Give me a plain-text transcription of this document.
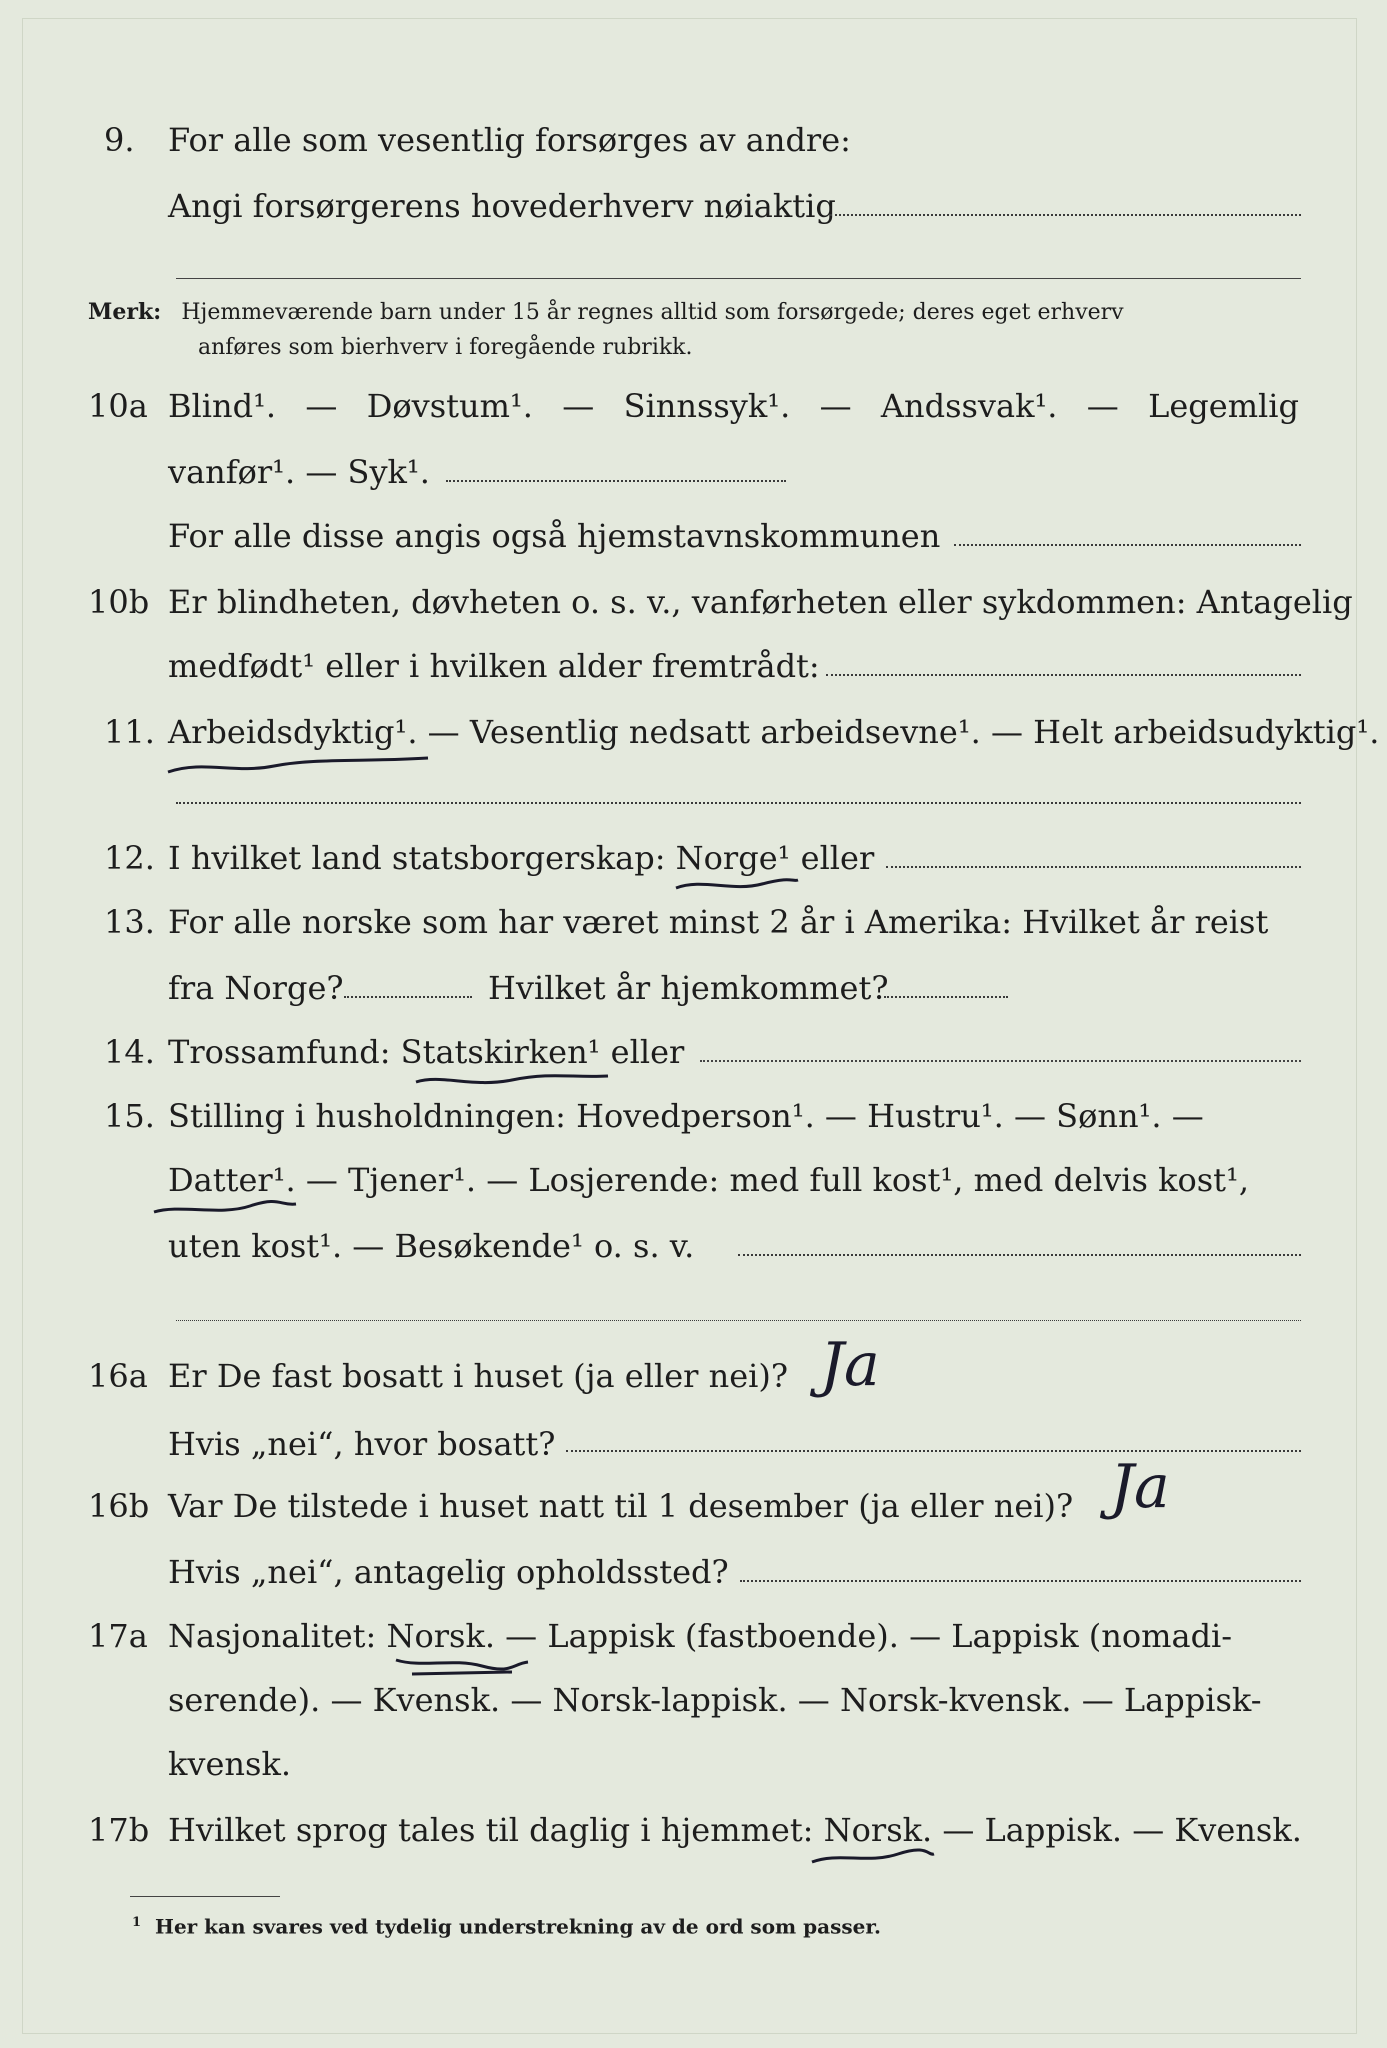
9. For alle som vesentlig forsørges av andre:
Angi forsørgerens hovederhverv nøiaktig
Merk: Hjemmeværende barn under 15 år regnes alltid som forsørgede; deres eget erhverv
anføres som bierhverv i foregående rubrikk.
10a Blind¹. — Døvstum¹. — Sinnssyk¹. — Andssvak¹. — Legemlig
vanfør¹. — Syk¹.
For alle disse angis også hjemstavnskommunen
10b Er blindheten, døvheten o. s. v., vanførheten eller sykdommen: Antagelig
medfødt¹ eller i hvilken alder fremtrådt:
11. Arbeidsdyktig¹. — Vesentlig nedsatt arbeidsevne¹. — Helt arbeidsudyktig¹.
12. I hvilket land statsborgerskap: Norge¹ eller
13. For alle norske som har været minst 2 år i Amerika: Hvilket år reist
fra Norge?	Hvilket år hjemkommet?
14. Trossamfund: Statskirken¹ eller
15. Stilling i husholdningen: Hovedperson¹. — Hustru¹. — Sønn¹. —
Datter¹. — Tjener¹. — Losjerende: med full kost¹, med delvis kost¹,
uten kost¹. — Besøkende¹ o. s. v.
16a Er De fast bosatt i huset (ja eller nei)? Ja
Hvis „nei“, hvor bosatt?
16b Var De tilstede i huset natt til 1 desember (ja eller nei)? Ja
Hvis „nei“, antagelig opholdssted?
17a Nasjonalitet: Norsk. — Lappisk (fastboende). — Lappisk (nomadi-
serende). — Kvensk. — Norsk-lappisk. — Norsk-kvensk. — Lappisk-
kvensk.
17b Hvilket sprog tales til daglig i hjemmet: Norsk. — Lappisk. — Kvensk.
$^1$ Her kan svares ved tydelig understrekning av de ord som passer.
